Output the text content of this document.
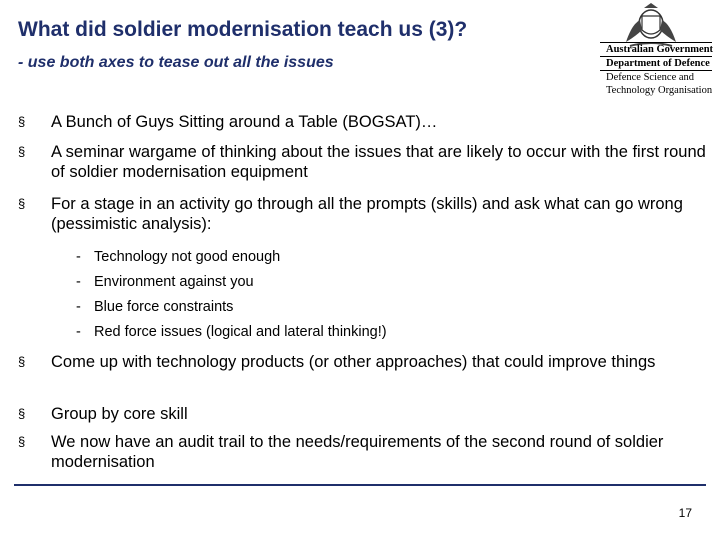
What did soldier modernisation teach us (3)?
- use both axes to tease out all the issues
Australian Government
Department of Defence
Defence Science and
Technology Organisation
§	A Bunch of Guys Sitting around a Table (BOGSAT)…
§	A seminar wargame of thinking about the issues that are likely to occur with the first round of soldier modernisation equipment
§	For a stage in an activity go through all the prompts (skills) and ask what can go wrong (pessimistic analysis):
- Technology not good enough
- Environment against you
- Blue force constraints
- Red force issues (logical and lateral thinking!)
§	Come up with technology products (or other approaches) that could improve things
§	Group by core skill
§	We now have an audit trail to the needs/requirements of the second round of soldier modernisation
17
